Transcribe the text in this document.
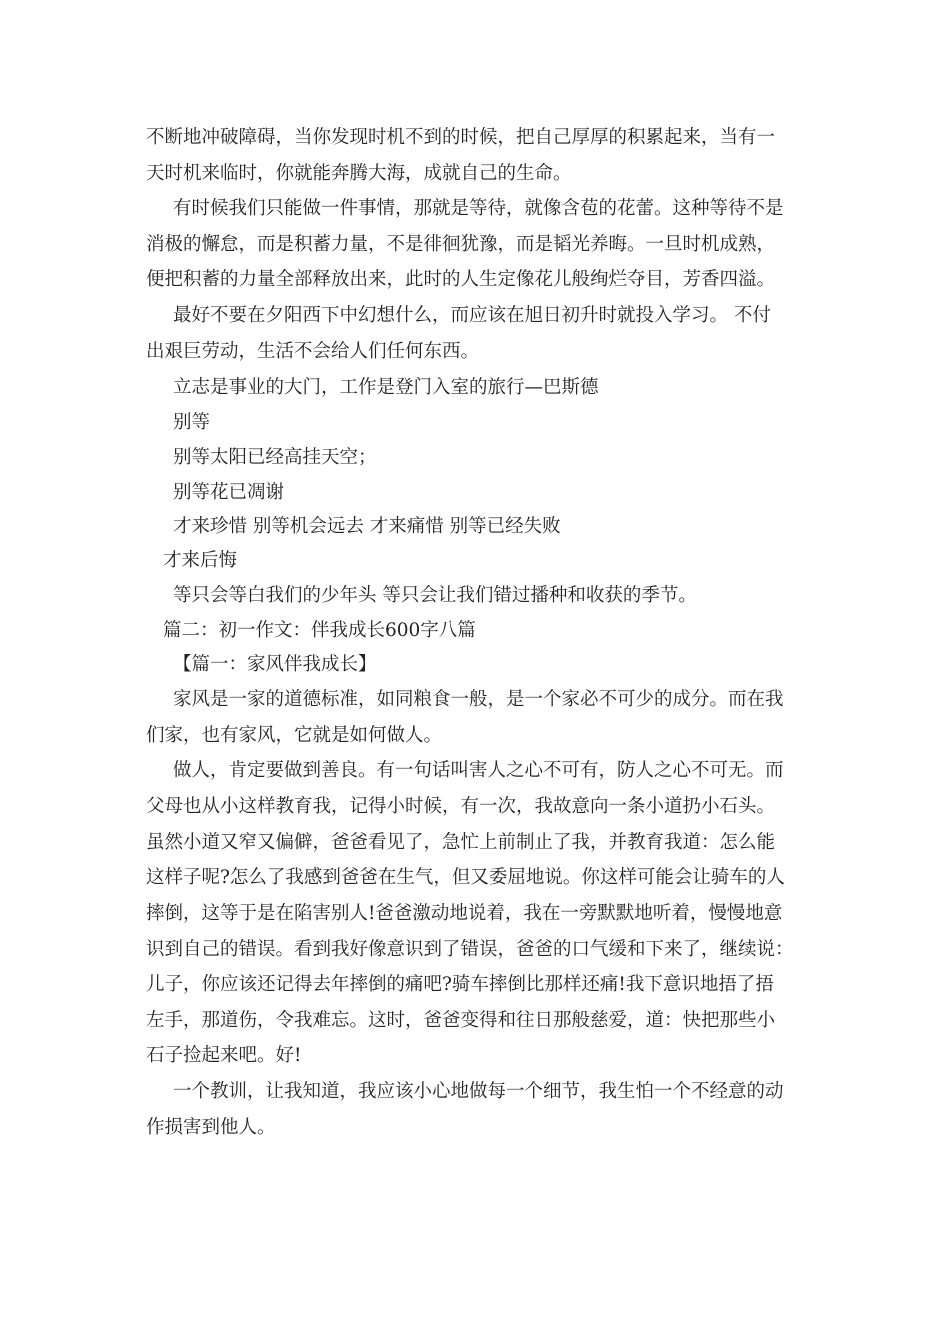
不断地冲破障碍，当你发现时机不到的时候，把自己厚厚的积累起来，当有一
天时机来临时，你就能奔腾大海，成就自己的生命。
有时候我们只能做一件事情，那就是等待，就像含苞的花蕾。这种等待不是
消极的懈怠，而是积蓄力量，不是徘徊犹豫，而是韬光养晦。一旦时机成熟，
便把积蓄的力量全部释放出来，此时的人生定像花儿般绚烂夺目，芳香四溢。
最好不要在夕阳西下中幻想什么，而应该在旭日初升时就投入学习。 不付
出艰巨劳动，生活不会给人们任何东西。
立志是事业的大门，工作是登门入室的旅行—巴斯德
别等
别等太阳已经高挂天空；
别等花已凋谢
才来珍惜 别等机会远去 才来痛惜 别等已经失败
才来后悔
等只会等白我们的少年头 等只会让我们错过播种和收获的季节。
篇二：初一作文：伴我成长600字八篇
【篇一：家风伴我成长】
家风是一家的道德标准，如同粮食一般，是一个家必不可少的成分。而在我
们家，也有家风，它就是如何做人。
做人，肯定要做到善良。有一句话叫害人之心不可有，防人之心不可无。而
父母也从小这样教育我，记得小时候，有一次，我故意向一条小道扔小石头。
虽然小道又窄又偏僻，爸爸看见了，急忙上前制止了我，并教育我道：怎么能
这样子呢?怎么了我感到爸爸在生气，但又委屈地说。你这样可能会让骑车的人
摔倒，这等于是在陷害别人!爸爸激动地说着，我在一旁默默地听着，慢慢地意
识到自己的错误。看到我好像意识到了错误，爸爸的口气缓和下来了，继续说：
儿子，你应该还记得去年摔倒的痛吧?骑车摔倒比那样还痛!我下意识地捂了捂
左手，那道伤，令我难忘。这时，爸爸变得和往日那般慈爱，道：快把那些小
石子捡起来吧。好!
一个教训，让我知道，我应该小心地做每一个细节，我生怕一个不经意的动
作损害到他人。
